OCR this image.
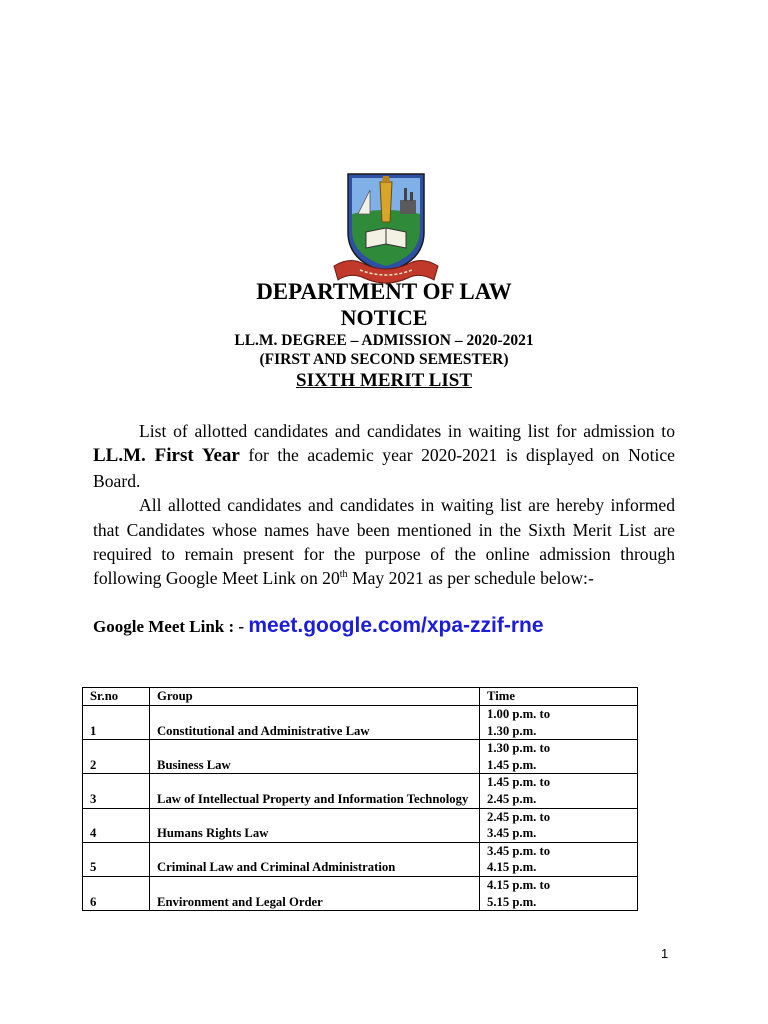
DEPARTMENT OF LAW
NOTICE
LL.M. DEGREE – ADMISSION – 2020-2021
(FIRST AND SECOND SEMESTER)
SIXTH MERIT LIST

List of allotted candidates and candidates in waiting list for admission to LL.M. First Year for the academic year 2020-2021 is displayed on Notice Board.

All allotted candidates and candidates in waiting list are hereby informed that Candidates whose names have been mentioned in the Sixth Merit List are required to remain present for the purpose of the online admission through following Google Meet Link on 20th May 2021 as per schedule below:-

Google Meet Link : - meet.google.com/xpa-zzif-rne
Sr.no	Group	Time
1	Constitutional and Administrative Law	1.00 p.m. to
1.30 p.m.

2	Business Law	1.30 p.m. to
1.45 p.m.

3	Law of Intellectual Property and Information Technology	1.45 p.m. to
2.45 p.m.

4	Humans Rights Law	2.45 p.m. to
3.45 p.m.

5	Criminal Law and Criminal Administration	3.45 p.m. to
4.15 p.m.

6	Environment and Legal Order	4.15 p.m. to
5.15 p.m.
1
